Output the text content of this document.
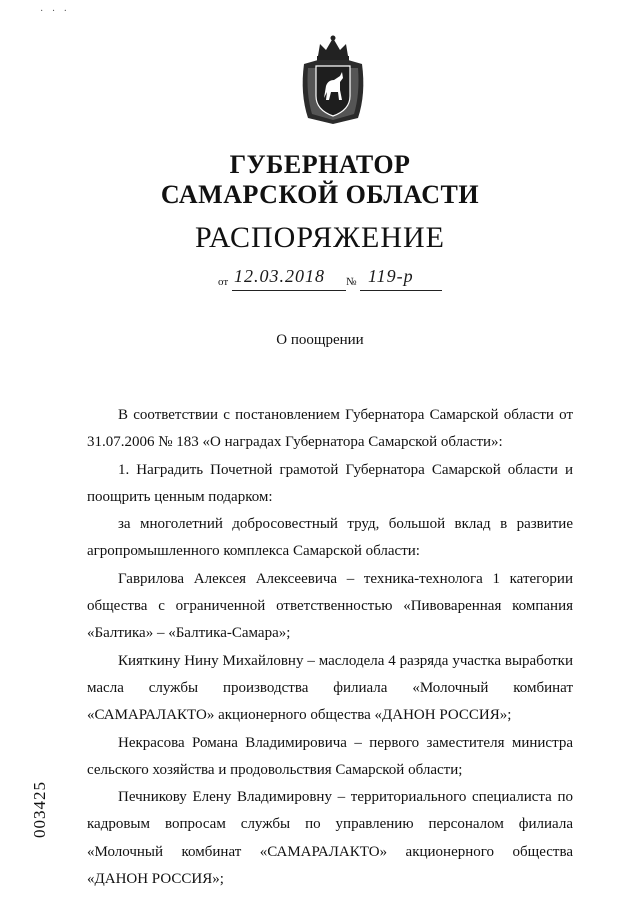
· · ·
ГУБЕРНАТОР
САМАРСКОЙ ОБЛАСТИ
РАСПОРЯЖЕНИЕ
от 12.03.2018 № 119-р
О поощрении

В соответствии с постановлением Губернатора Самарской области от 31.07.2006 № 183 «О наградах Губернатора Самарской области»:

1. Наградить Почетной грамотой Губернатора Самарской области и поощрить ценным подарком:

за многолетний добросовестный труд, большой вклад в развитие агропромышленного комплекса Самарской области:

Гаврилова Алексея Алексеевича – техника-технолога 1 категории общества с ограниченной ответственностью «Пивоваренная компания «Балтика» – «Балтика-Самара»;

Кияткину Нину Михайловну – маслодела 4 разряда участка выработки масла службы производства филиала «Молочный комбинат «САМАРАЛАКТО» акционерного общества «ДАНОН РОССИЯ»;

Некрасова Романа Владимировича – первого заместителя министра сельского хозяйства и продовольствия Самарской области;

Печникову Елену Владимировну – территориального специалиста по кадровым вопросам службы по управлению персоналом филиала «Молочный комбинат «САМАРАЛАКТО» акционерного общества «ДАНОН РОССИЯ»;

003425
